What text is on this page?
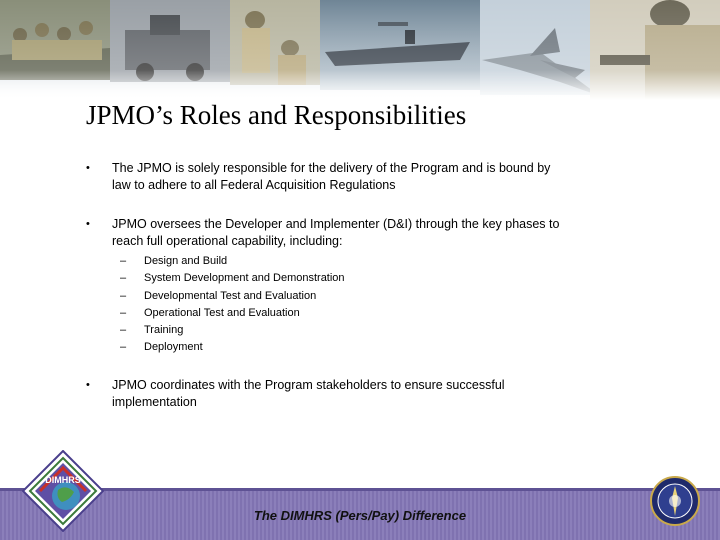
JPMO’s Roles and Responsibilities
• The JPMO is solely responsible for the delivery of the Program and is bound by
law to adhere to all Federal Acquisition Regulations
• JPMO oversees the Developer and Implementer (D&I) through the key phases to
reach full operational capability, including:
– Design and Build
– System Development and Demonstration
– Developmental Test and Evaluation
– Operational Test and Evaluation
– Training
– Deployment
• JPMO coordinates with the Program stakeholders to ensure successful
implementation
The DIMHRS (Pers/Pay) Difference
DIMHRS
